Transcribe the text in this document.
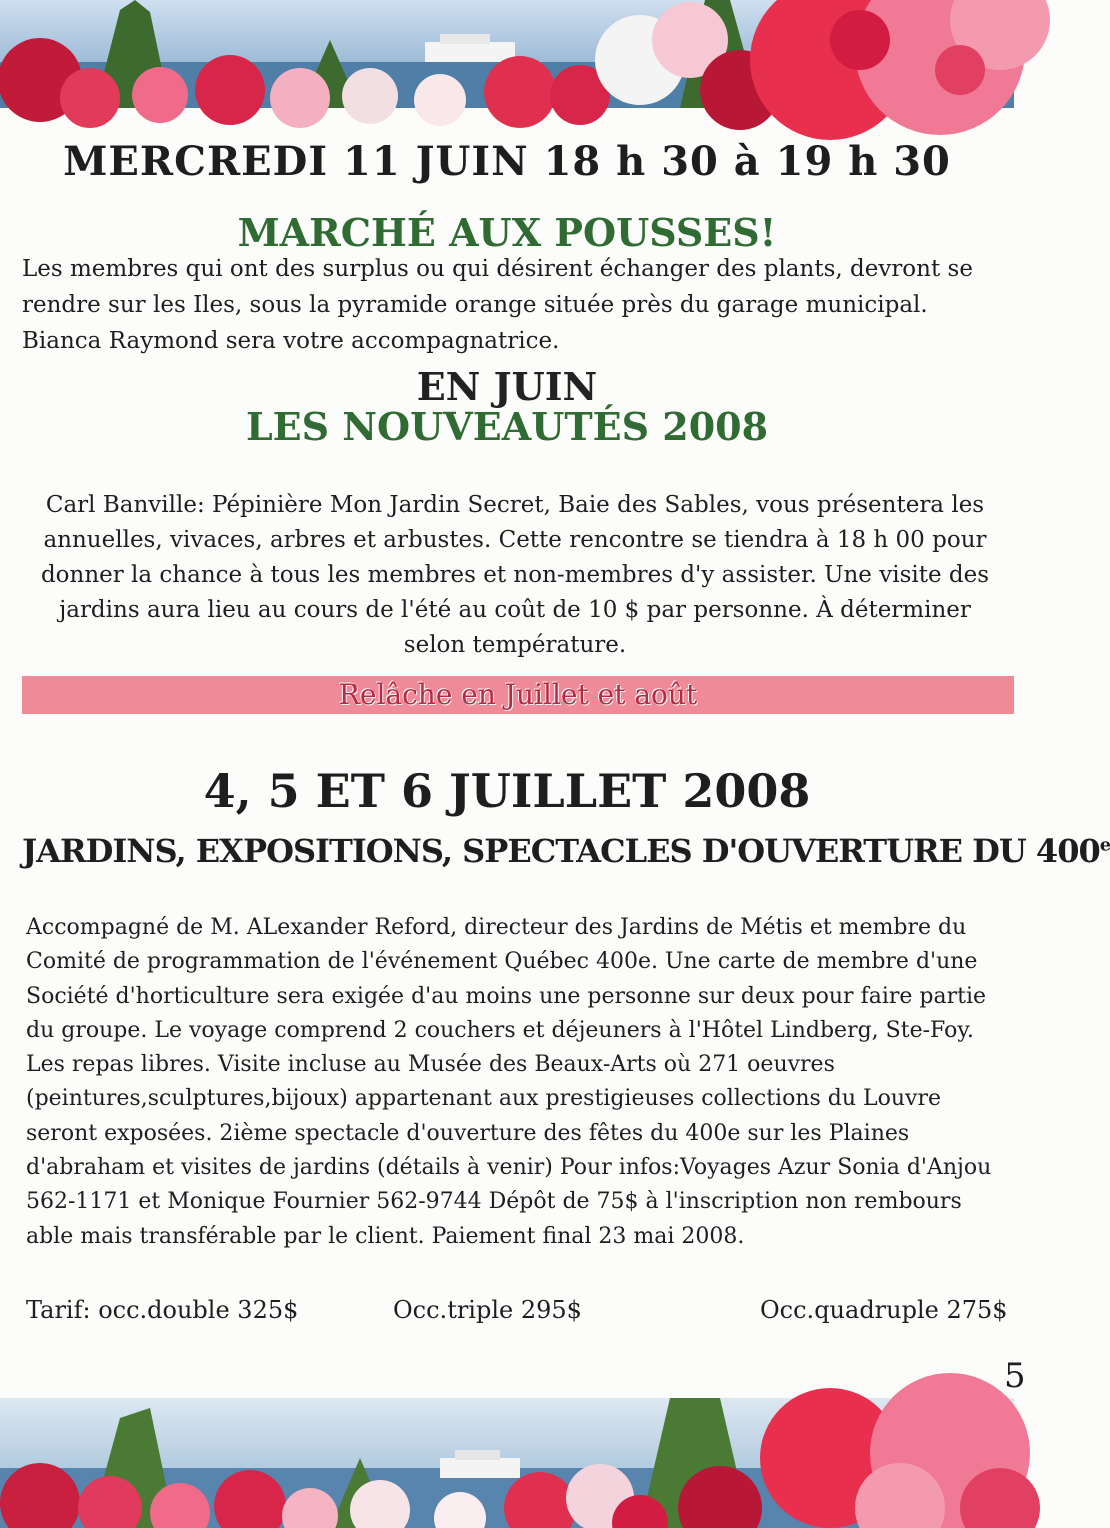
MERCREDI 11 JUIN 18 h 30 à 19 h 30
MARCHÉ AUX POUSSES!

Les membres qui ont des surplus ou qui désirent échanger des plants, devront se rendre sur les Iles, sous la pyramide orange située près du garage municipal. Bianca Raymond sera votre accompagnatrice.

EN JUIN
LES NOUVEAUTÉS 2008

Carl Banville: Pépinière Mon Jardin Secret, Baie des Sables, vous présentera les annuelles, vivaces, arbres et arbustes. Cette rencontre se tiendra à 18 h 00 pour donner la chance à tous les membres et non-membres d'y assister. Une visite des jardins aura lieu au cours de l'été au coût de 10 $ par personne. À déterminer selon température.

Relâche en Juillet et août
4, 5 ET 6 JUILLET 2008
JARDINS, EXPOSITIONS, SPECTACLES D'OUVERTURE DU 400e

Accompagné de M. ALexander Reford, directeur des Jardins de Métis et membre du Comité de programmation de l'événement Québec 400e. Une carte de membre d'une Société d'horticulture sera exigée d'au moins une personne sur deux pour faire partie du groupe. Le voyage comprend 2 couchers et déjeuners à l'Hôtel Lindberg, Ste-Foy. Les repas libres. Visite incluse au Musée des Beaux-Arts où 271 oeuvres (peintures,sculptures,bijoux) appartenant aux prestigieuses collections du Louvre seront exposées. 2ième spectacle d'ouverture des fêtes du 400e sur les Plaines d'abraham et visites de jardins (détails à venir) Pour infos:Voyages Azur Sonia d'Anjou 562-1171 et Monique Fournier 562-9744 Dépôt de 75$ à l'inscription non rembours able mais transférable par le client. Paiement final 23 mai 2008.

Tarif: occ.double 325$	Occ.triple 295$	Occ.quadruple 275$
5
